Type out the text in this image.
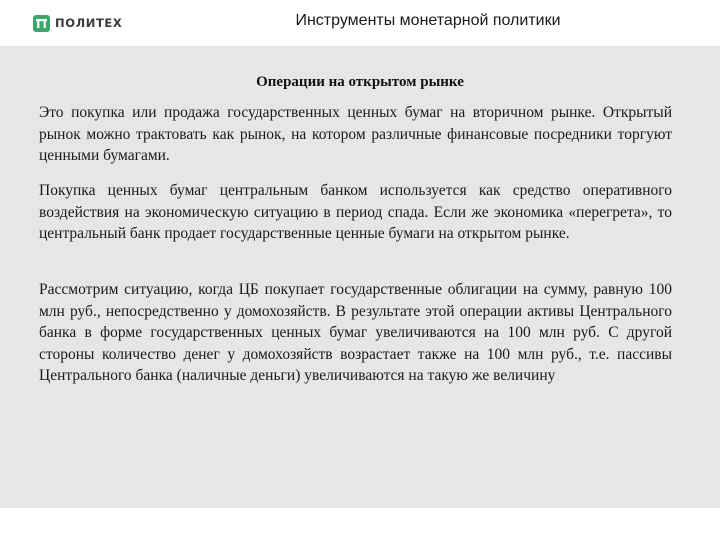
ПОЛИТЕХ	Инструменты монетарной политики
Операции на открытом рынке

Это покупка или продажа государственных ценных бумаг на вторичном рынке. Открытый рынок можно трактовать как рынок, на котором различные финансовые посредники торгуют ценными бумагами.

Покупка ценных бумаг центральным банком используется как средство оперативного воздействия на экономическую ситуацию в период спада. Если же экономика «перегрета», то центральный банк продает государственные ценные бумаги на открытом рынке.

Рассмотрим ситуацию, когда ЦБ покупает государственные облигации на сумму, равную 100 млн руб., непосредственно у домохозяйств. В результате этой операции активы Центрального банка в форме государственных ценных бумаг увеличиваются на 100 млн руб. С другой стороны количество денег у домохозяйств возрастает также на 100 млн руб., т.е. пассивы Центрального банка (наличные деньги) увеличиваются на такую же величину
